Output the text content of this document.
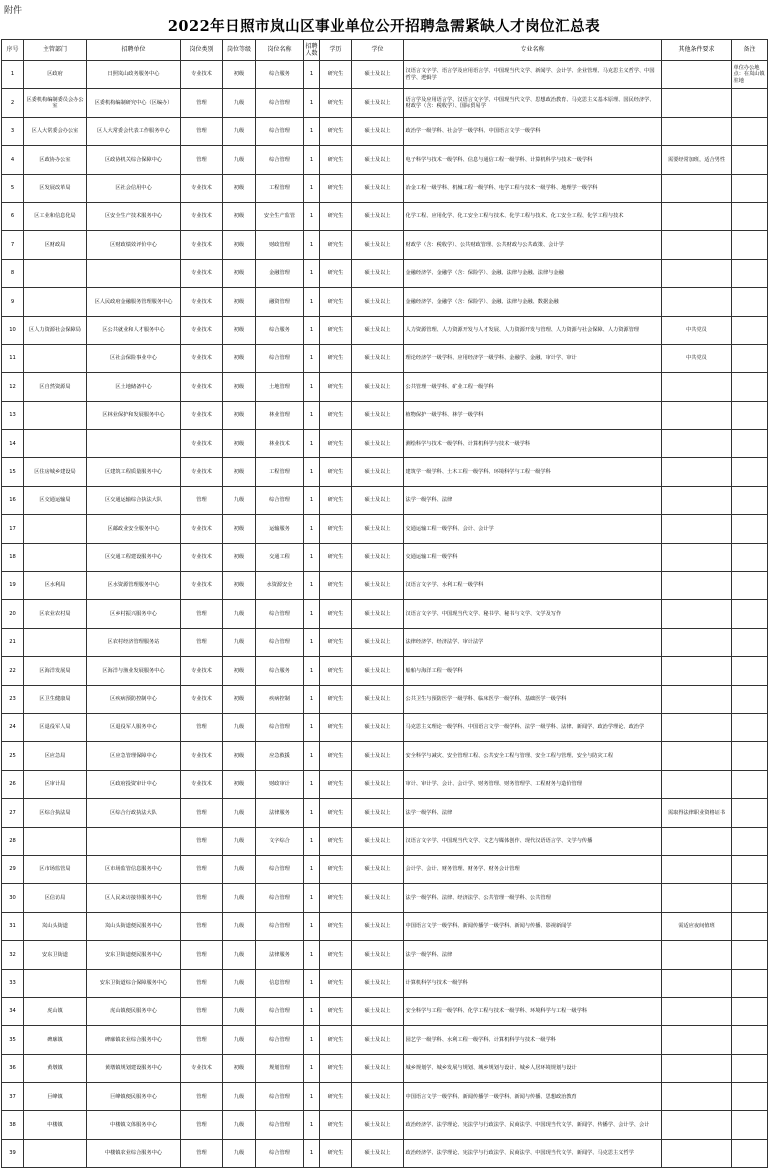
附件
2022年日照市岚山区事业单位公开招聘急需紧缺人才岗位汇总表
序号	主管部门	招聘单位	岗位类别	岗位等级	岗位名称	招聘人数	学历	学位	专业名称	其他条件要求	备注
1	区政府	日照岚山政务服务中心	专业技术	初级	综合服务	1	研究生	硕士及以上	汉语言文字学、语言学及应用语言学、中国现当代文学、新闻学、会计学、企业管理、马克思主义哲学、中国哲学、逻辑学		单位办公地点：在岚山镇驻地
2	区委机构编制委员会办公室	区委机构编制研究中心（区编办）	管理	九级	综合管理	1	研究生	硕士及以上	语言学及应用语言学、汉语言文字学、中国现当代文学、思想政治教育、马克思主义基本原理、国民经济学、财政学（含：税收学）、国际贸易学		
3	区人大常委会办公室	区人大常委会代表工作服务中心	管理	九级	综合管理	1	研究生	硕士及以上	政治学一级学科、社会学一级学科、中国语言文学一级学科		
4	区政协办公室	区政协机关综合保障中心	管理	九级	综合管理	1	研究生	硕士及以上	电子科学与技术一级学科、信息与通信工程一级学科、计算机科学与技术一级学科	需要经常加班，适合男性	
5	区发展改革局	区社会信用中心	专业技术	初级	工程管理	1	研究生	硕士及以上	冶金工程一级学科、机械工程一级学科、电学工程与技术一级学科、地理学一级学科		
6	区工业和信息化局	区安全生产技术服务中心	专业技术	初级	安全生产监管	1	研究生	硕士及以上	化学工程、应用化学、化工安全工程与技术、化学工程与技术、化工安全工程、化学工程与技术		
7	区财政局	区财政绩效评价中心	专业技术	初级	财政管理	1	研究生	硕士及以上	财政学（含：税收学）、公共财政管理、公共财政与公共政策、会计学		
8			专业技术	初级	金融管理	1	研究生	硕士及以上	金融经济学、金融学（含：保险学）、金融、法律与金融、法律与金融		
9		区人民政府金融服务管理服务中心	专业技术	初级	融资管理	1	研究生	硕士及以上	金融经济学、金融学（含：保险学）、金融、法律与金融、数据金融		
10	区人力资源社会保障局	区公共就业和人才服务中心	专业技术	初级	综合服务	1	研究生	硕士及以上	人力资源管理、人力资源开发与人才发展、人力资源开发与管理、人力资源与社会保障、人力资源管理	中共党员	
11		区社会保险事业中心	专业技术	初级	综合管理	1	研究生	硕士及以上	理论经济学一级学科、应用经济学一级学科、金融学、金融、审计学、审计	中共党员	
12	区自然资源局	区土地储备中心	专业技术	初级	土地管理	1	研究生	硕士及以上	公共管理一级学科、矿业工程一级学科		
13		区林业保护和发展服务中心	专业技术	初级	林业管理	1	研究生	硕士及以上	植物保护一级学科、林学一级学科		
14			专业技术	初级	林业技术	1	研究生	硕士及以上	测绘科学与技术一级学科、计算机科学与技术一级学科		
15	区住房城乡建设局	区建筑工程质量服务中心	专业技术	初级	工程管理	1	研究生	硕士及以上	建筑学一级学科、土木工程一级学科、环境科学与工程一级学科		
16	区交通运输局	区交通运输综合执法大队	管理	九级	综合管理	1	研究生	硕士及以上	法学一级学科、法律		
17		区邮政业安全服务中心	专业技术	初级	运输服务	1	研究生	硕士及以上	交通运输工程一级学科、会计、会计学		
18		区交通工程建设服务中心	专业技术	初级	交通工程	1	研究生	硕士及以上	交通运输工程一级学科		
19	区水利局	区水资源管理服务中心	专业技术	初级	水资源安全	1	研究生	硕士及以上	汉语言文字学、水利工程一级学科		
20	区农业农村局	区乡村振兴服务中心	管理	九级	综合管理	1	研究生	硕士及以上	汉语言文字学、中国现当代文学、秘书学、秘书与文学、文学及写作		
21		区农村经济管理服务站	管理	九级	综合管理	1	研究生	硕士及以上	法律经济学、经济法学、审计法学		
22	区海洋发展局	区海洋与渔业发展服务中心	专业技术	初级	综合服务	1	研究生	硕士及以上	船舶与海洋工程一级学科		
23	区卫生健康局	区疾病预防控制中心	专业技术	初级	疾病控制	1	研究生	硕士及以上	公共卫生与预防医学一级学科、临床医学一级学科、基础医学一级学科		
24	区退役军人局	区退役军人服务中心	管理	九级	综合管理	1	研究生	硕士及以上	马克思主义理论一级学科、中国语言文学一级学科、法学一级学科、法律、新闻学、政治学理论、政治学		
25	区应急局	区应急管理保障中心	专业技术	初级	应急救援	1	研究生	硕士及以上	安全科学与减灾、安全管理工程、公共安全工程与管理、安全工程与管理、安全与防灾工程		
26	区审计局	区政府投资审计中心	专业技术	初级	财政审计	1	研究生	硕士及以上	审计、审计学、会计、会计学、财务管理、财务管理学、工程财务与造价管理		
27	区综合执法局	区综合行政执法大队	管理	九级	法律服务	1	研究生	硕士及以上	法学一级学科、法律	需取得法律职业资格证书	
28			管理	九级	文字综合	1	研究生	硕士及以上	汉语言文字学、中国现当代文学、文艺与媒体创作、现代汉语语言学、文学与传播		
29	区市场监管局	区市场监管信息服务中心	管理	九级	综合管理	1	研究生	硕士及以上	会计学、会计、财务管理、财务学、财务会计管理		
30	区信访局	区人民来访接待服务中心	管理	九级	综合管理	1	研究生	硕士及以上	法学一级学科、法律、经济法学、公共管理一级学科、公共管理		
31	岚山头街道	岚山头街道便民服务中心	管理	九级	综合管理	1	研究生	硕士及以上	中国语言文学一级学科、新闻传播学一级学科、新闻与传播、影视新闻学	需适应夜间值班	
32	安东卫街道	安东卫街道便民服务中心	管理	九级	法律服务	1	研究生	硕士及以上	法学一级学科、法律		
33		安东卫街道综合保障服务中心	管理	九级	信息管理	1	研究生	硕士及以上	计算机科学与技术一级学科		
34	虎山镇	虎山镇便民服务中心	管理	九级	综合管理	1	研究生	硕士及以上	安全科学与工程一级学科、化学工程与技术一级学科、环境科学与工程一级学科		
35	碑廓镇	碑廓镇农业综合服务中心	管理	九级	综合管理	1	研究生	硕士及以上	园艺学一级学科、水利工程一级学科、计算机科学与技术一级学科		
36	黄墩镇	黄墩镇规划建设服务中心	专业技术	初级	规划管理	1	研究生	硕士及以上	城乡规划学、城乡发展与规划、城乡规划与设计、城乡人居环境规划与设计		
37	巨峰镇	巨峰镇便民服务中心	管理	九级	综合管理	1	研究生	硕士及以上	中国语言文学一级学科、新闻传播学一级学科、新闻与传播、思想政治教育		
38	中楼镇	中楼镇文体服务中心	管理	九级	综合管理	1	研究生	硕士及以上	政治经济学、法学理论、宪法学与行政法学、民商法学、中国现当代文学、新闻学、传播学、会计学、会计		
39		中楼镇农业综合服务中心	管理	九级	综合管理	1	研究生	硕士及以上	政治经济学、法学理论、宪法学与行政法学、民商法学、中国现当代文学、新闻学、马克思主义哲学		
